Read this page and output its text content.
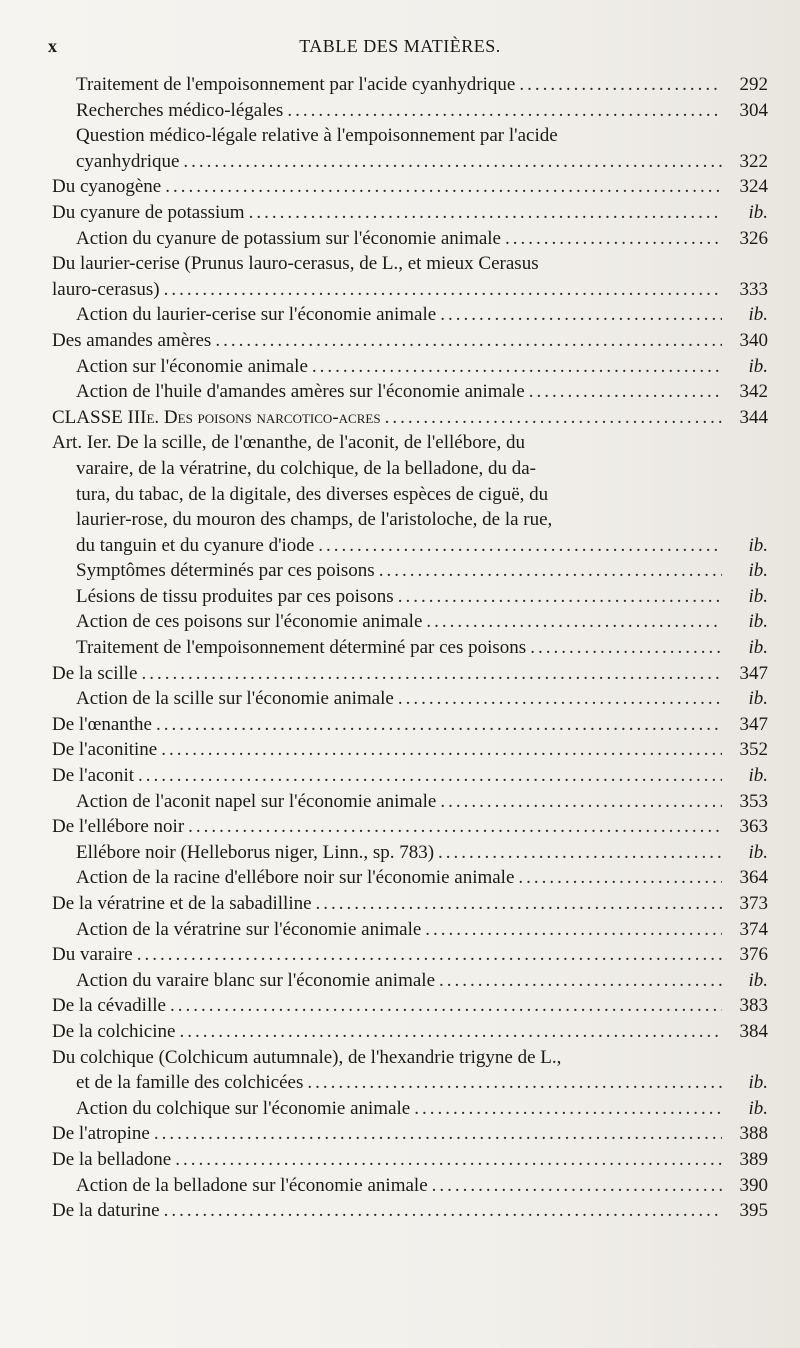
x	TABLE DES MATIÈRES.
Traitement de l'empoisonnement par l'acide cyanhydrique .....	292
Recherches médico-légales .....	304
Question médico-légale relative à l'empoisonnement par l'acide
cyanhydrique .....	322
Du cyanogène .....	324
Du cyanure de potassium .....	ib.
Action du cyanure de potassium sur l'économie animale .....	326
Du laurier-cerise (Prunus lauro-cerasus, de L., et mieux Cerasus
lauro-cerasus) .....	333
Action du laurier-cerise sur l'économie animale .....	ib.
Des amandes amères .....	340
Action sur l'économie animale .....	ib.
Action de l'huile d'amandes amères sur l'économie animale .....	342
CLASSE IIIe. Des poisons narcotico-acres .....	344
Art. Ier. De la scille, de l'œnanthe, de l'aconit, de l'ellébore, du
varaire, de la vératrine, du colchique, de la belladone, du da-
tura, du tabac, de la digitale, des diverses espèces de ciguë, du
laurier-rose, du mouron des champs, de l'aristoloche, de la rue,
du tanguin et du cyanure d'iode .....	ib.
Symptômes déterminés par ces poisons .....	ib.
Lésions de tissu produites par ces poisons .....	ib.
Action de ces poisons sur l'économie animale .....	ib.
Traitement de l'empoisonnement déterminé par ces poisons .....	ib.
De la scille .....	347
Action de la scille sur l'économie animale .....	ib.
De l'œnanthe .....	347
De l'aconitine .....	352
De l'aconit .....	ib.
Action de l'aconit napel sur l'économie animale .....	353
De l'ellébore noir .....	363
Ellébore noir (Helleborus niger, Linn., sp. 783) .....	ib.
Action de la racine d'ellébore noir sur l'économie animale .....	364
De la vératrine et de la sabadilline .....	373
Action de la vératrine sur l'économie animale .....	374
Du varaire .....	376
Action du varaire blanc sur l'économie animale .....	ib.
De la cévadille .....	383
De la colchicine .....	384
Du colchique (Colchicum autumnale), de l'hexandrie trigyne de L.,
et de la famille des colchicées .....	ib.
Action du colchique sur l'économie animale .....	ib.
De l'atropine .....	388
De la belladone .....	389
Action de la belladone sur l'économie animale .....	390
De la daturine .....	395
